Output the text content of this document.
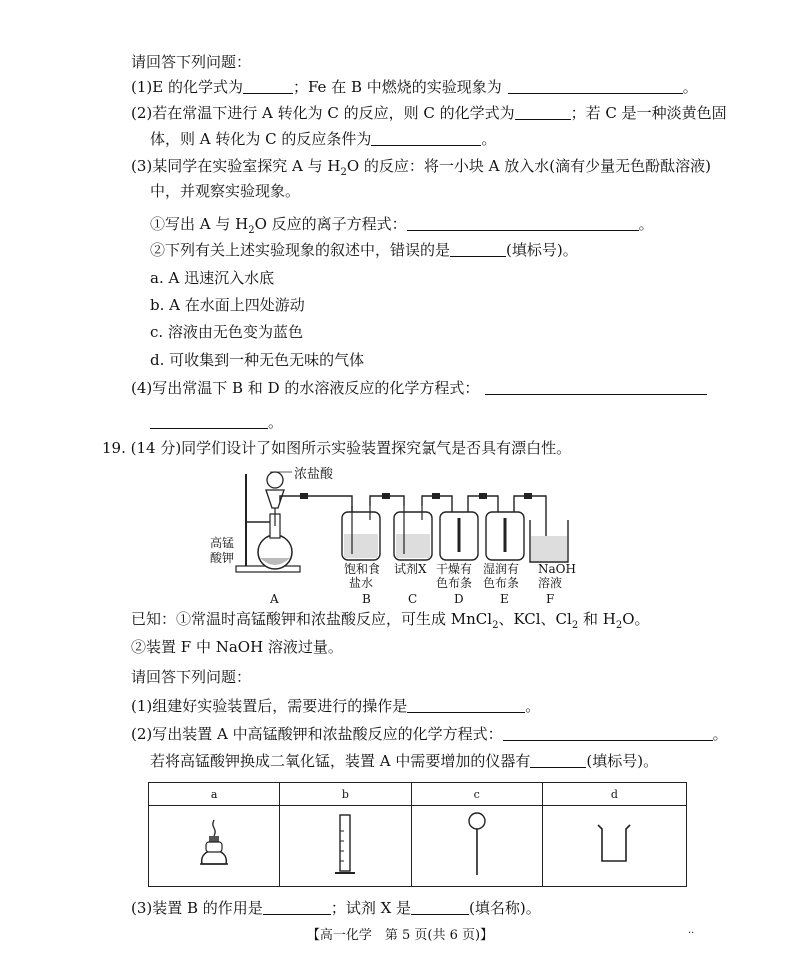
请回答下列问题：
(1)E 的化学式为	；Fe 在 B 中燃烧的实验现象为	。
(2)若在常温下进行 A 转化为 C 的反应，则 C 的化学式为	；若 C 是一种淡黄色固
体，则 A 转化为 C 的反应条件为	。
(3)某同学在实验室探究 A 与 $H_2O$ 的反应：将一小块 A 放入水(滴有少量无色酚酞溶液)
中，并观察实验现象。
①写出 A 与 $H_2O$ 反应的离子方程式：	。
②下列有关上述实验现象的叙述中，错误的是	(填标号)。
a. A 迅速沉入水底
b. A 在水面上四处游动
c. 溶液由无色变为蓝色
d. 可收集到一种无色无味的气体
(4)写出常温下 B 和 D 的水溶液反应的化学方程式：
。
19. (14 分)同学们设计了如图所示实验装置探究氯气是否具有漂白性。
浓盐酸
高锰
酸钾
饱和食
盐水
试剂X 干燥有
色布条
湿润有
色布条
NaOH
溶液
A	B	C	D	E	F
已知：①常温时高锰酸钾和浓盐酸反应，可生成 MnCl$_2$、KCl、$Cl_2$ 和 $H_2O$。
②装置 F 中 NaOH 溶液过量。
请回答下列问题：
(1)组建好实验装置后，需要进行的操作是	。
(2)写出装置 A 中高锰酸钾和浓盐酸反应的化学方程式：	。
若将高锰酸钾换成二氧化锰，装置 A 中需要增加的仪器有	(填标号)。
a	b	c	d

(3)装置 B 的作用是	；试剂 X 是	(填名称)。
【高一化学　第 5 页(共 6 页)】	··
